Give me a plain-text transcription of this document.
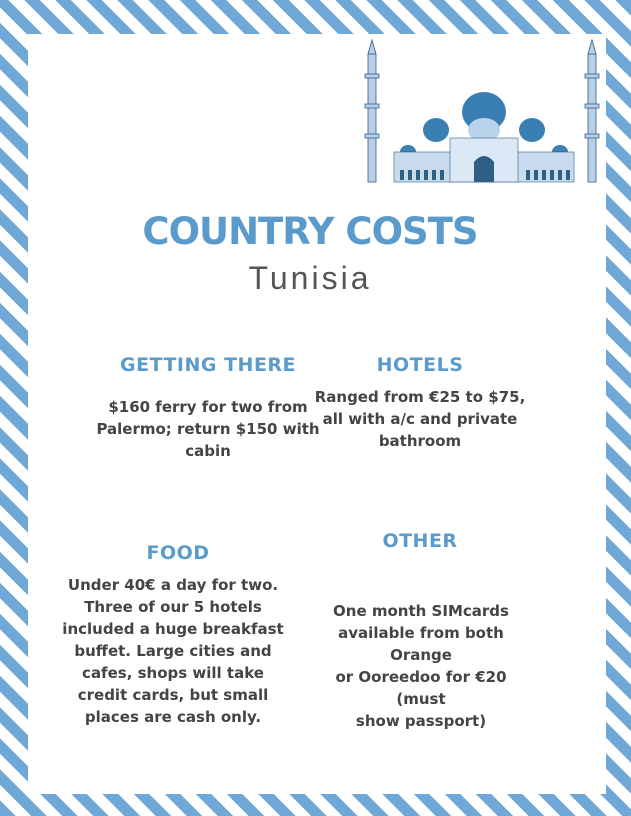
COUNTRY COSTS
Tunisia
GETTING THERE
$160 ferry for two from
Palermo; return $150 with
cabin
HOTELS
Ranged from €25 to $75,
all with a/c and private
bathroom
FOOD
Under 40€ a day for two.
Three of our 5 hotels
included a huge breakfast
buffet. Large cities and
cafes, shops will take
credit cards, but small
places are cash only.
OTHER
One month SIMcards
available from both Orange
or Ooreedoo for €20 (must
show passport)
